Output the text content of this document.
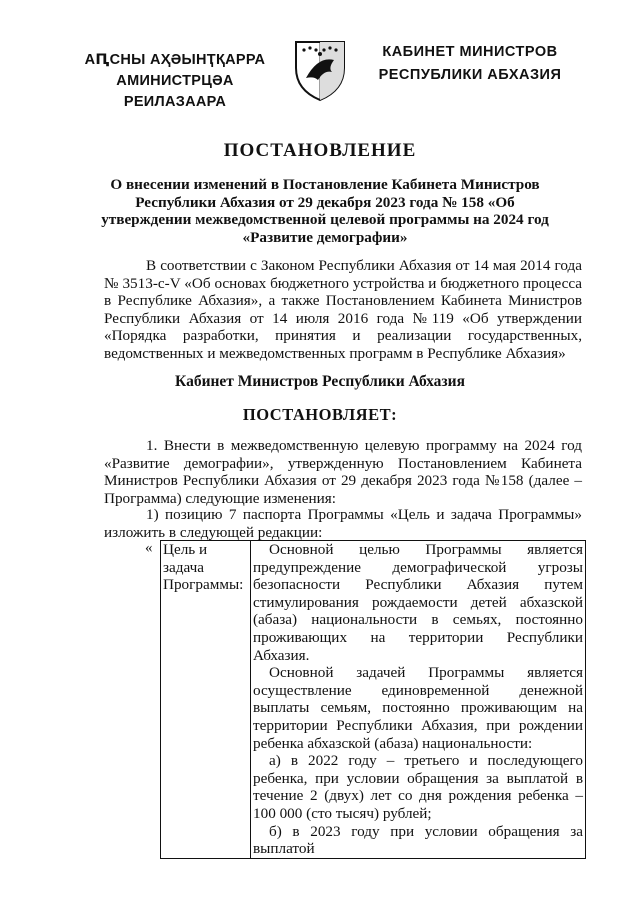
АԤСНЫ АҲӘЫНҬҚАРРА
АМИНИСТРЦӘА РЕИЛАЗААРА
КАБИНЕТ МИНИСТРОВ
РЕСПУБЛИКИ АБХАЗИЯ
ПОСТАНОВЛЕНИЕ
О внесении изменений в Постановление Кабинета Министров Республики Абхазия от 29 декабря 2023 года № 158 «Об утверждении межведомственной целевой программы на 2024 год «Развитие демографии»
В соответствии с Законом Республики Абхазия от 14 мая 2014 года № 3513-с-V «Об основах бюджетного устройства и бюджетного процесса в Республике Абхазия», а также Постановлением Кабинета Министров Республики Абхазия от 14 июля 2016 года №119 «Об утверждении «Порядка разработки, принятия и реализации государственных, ведомственных и межведомственных программ в Республике Абхазия»
Кабинет Министров Республики Абхазия
ПОСТАНОВЛЯЕТ:
1. Внести в межведомственную целевую программу на 2024 год «Развитие демографии», утвержденную Постановлением Кабинета Министров Республики Абхазия от 29 декабря 2023 года №158 (далее – Программа) следующие изменения:
1) позицию 7 паспорта Программы «Цель и задача Программы» изложить в следующей редакции:
« Цель и задача Программы:	

Основной целью Программы является предупреждение демографической угрозы безопасности Республики Абхазия путем стимулирования рождаемости детей абхазской (абаза) национальности в семьях, постоянно проживающих на территории Республики Абхазия.

Основной задачей Программы является осуществление единовременной денежной выплаты семьям, постоянно проживающим на территории Республики Абхазия, при рождении ребенка абхазской (абаза) национальности:

а) в 2022 году – третьего и последующего ребенка, при условии обращения за выплатой в течение 2 (двух) лет со дня рождения ребенка – 100 000 (сто тысяч) рублей;

б) в 2023 году при условии обращения за выплатой
